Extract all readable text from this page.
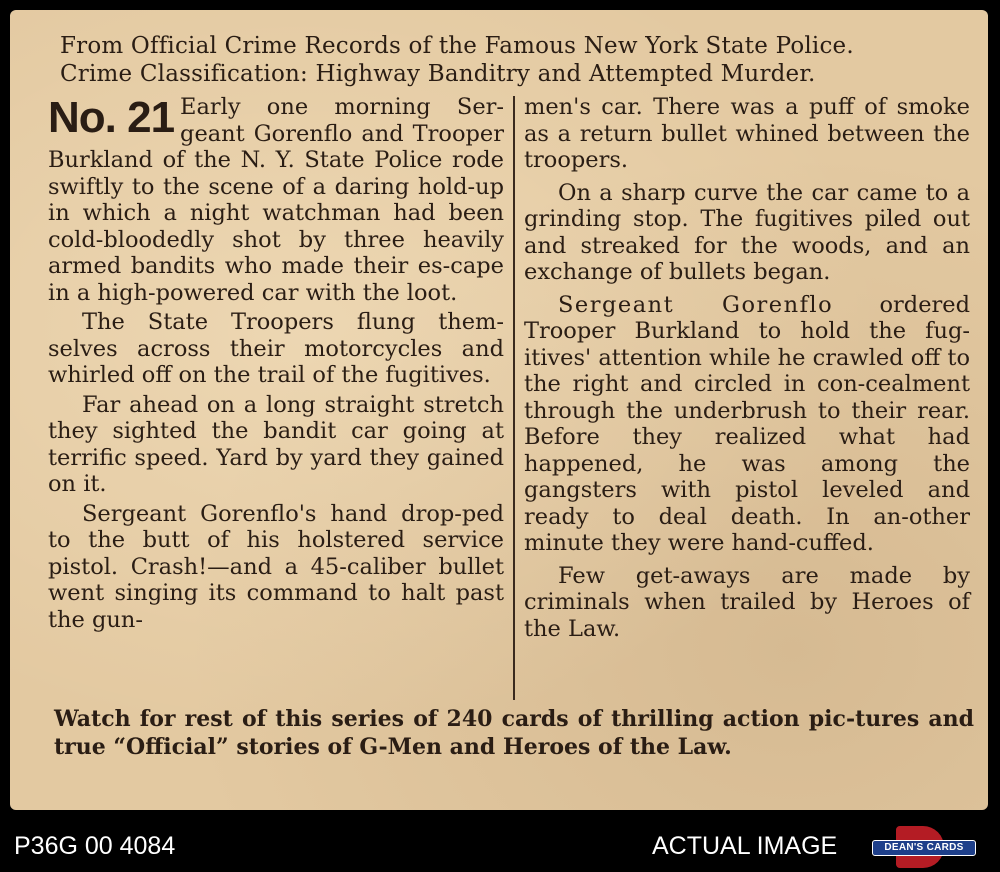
From Official Crime Records of the Famous New York State Police.
Crime Classification: Highway Banditry and Attempted Murder.

No. 21 Early one morning Ser- geant Gorenflo and Trooper Burkland of the N. Y. State Police rode swiftly to the scene of a daring hold-up in which a night watchman had been cold-bloodedly shot by three heavily armed bandits who made their es-cape in a high-powered car with the loot.

The State Troopers flung them-selves across their motorcycles and whirled off on the trail of the fugitives.

Far ahead on a long straight stretch they sighted the bandit car going at terrific speed. Yard by yard they gained on it.

Sergeant Gorenflo's hand drop-ped to the butt of his holstered service pistol. Crash!—and a 45-caliber bullet went singing its command to halt past the gun-

men's car. There was a puff of smoke as a return bullet whined between the troopers.

On a sharp curve the car came to a grinding stop. The fugitives piled out and streaked for the woods, and an exchange of bullets began.

Sergeant Gorenflo ordered Trooper Burkland to hold the fug-itives' attention while he crawled off to the right and circled in con-cealment through the underbrush to their rear. Before they realized what had happened, he was among the gangsters with pistol leveled and ready to deal death. In an-other minute they were hand-cuffed.

Few get-aways are made by criminals when trailed by Heroes of the Law.

Watch for rest of this series of 240 cards of thrilling action pic-tures and true “Official” stories of G-Men and Heroes of the Law.
P36G 00 4084	ACTUAL IMAGE	DEAN'S CARDS
